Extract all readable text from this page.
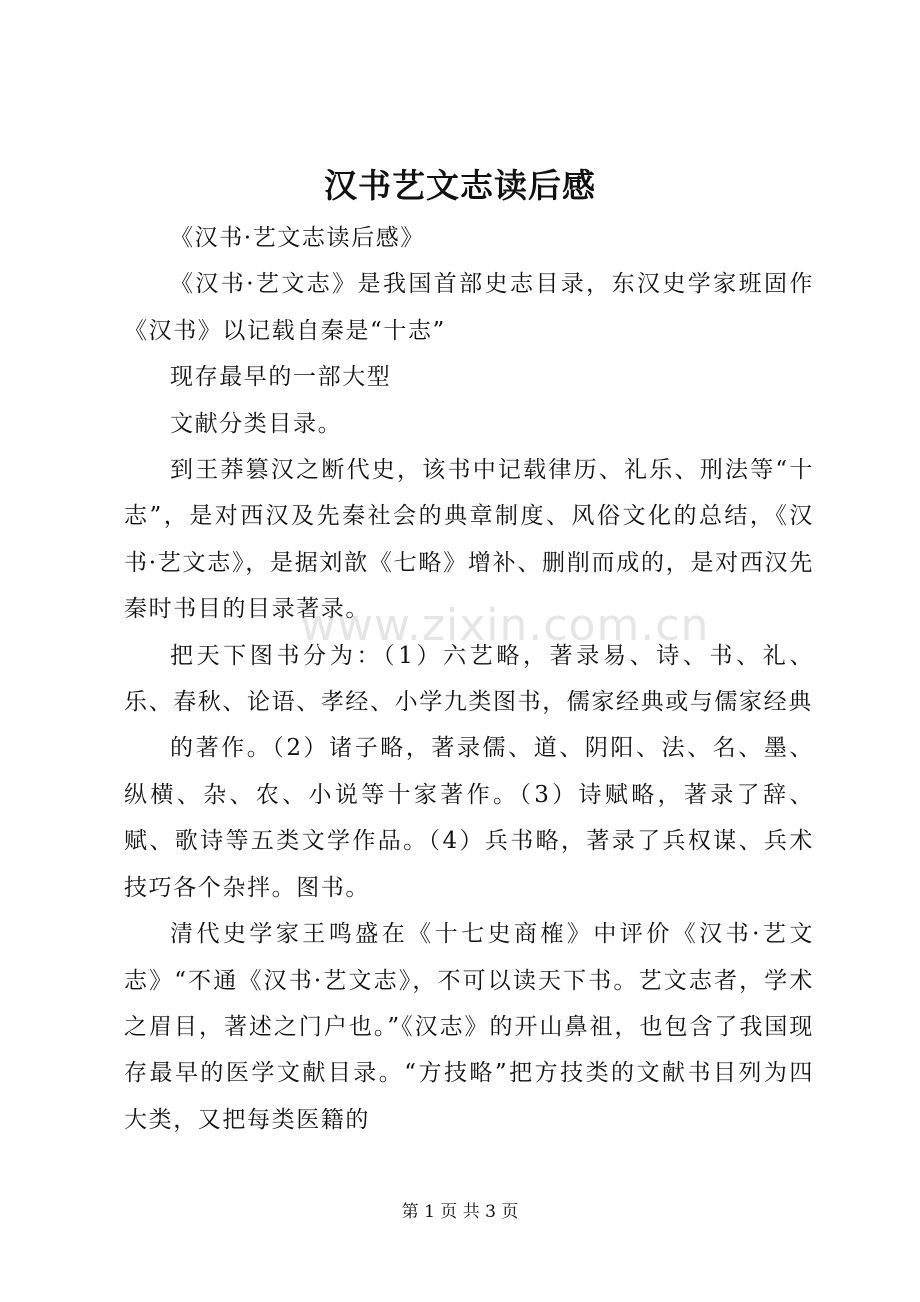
汉书艺文志读后感

《汉书·艺文志读后感》

《汉书·艺文志》是我国首部史志目录，东汉史学家班固作《汉书》以记载自秦是“十志”

现存最早的一部大型

文献分类目录。

到王莽篡汉之断代史，该书中记载律历、礼乐、刑法等“十志”，是对西汉及先秦社会的典章制度、风俗文化的总结，《汉书·艺文志》，是据刘歆《七略》增补、删削而成的，是对西汉先秦时书目的目录著录。

把天下图书分为：（1）六艺略，著录易、诗、书、礼、乐、春秋、论语、孝经、小学九类图书，儒家经典或与儒家经典

的著作。（2）诸子略，著录儒、道、阴阳、法、名、墨、纵横、杂、农、小说等十家著作。（3）诗赋略，著录了辞、赋、歌诗等五类文学作品。（4）兵书略，著录了兵权谋、兵术技巧各个杂拌。图书。

清代史学家王鸣盛在《十七史商榷》中评价《汉书·艺文志》“不通《汉书·艺文志》，不可以读天下书。艺文志者，学术之眉目，著述之门户也。”《汉志》的开山鼻祖，也包含了我国现存最早的医学文献目录。“方技略”把方技类的文献书目列为四大类，又把每类医籍的

www.zixin.com.cn
第 1 页 共 3 页
